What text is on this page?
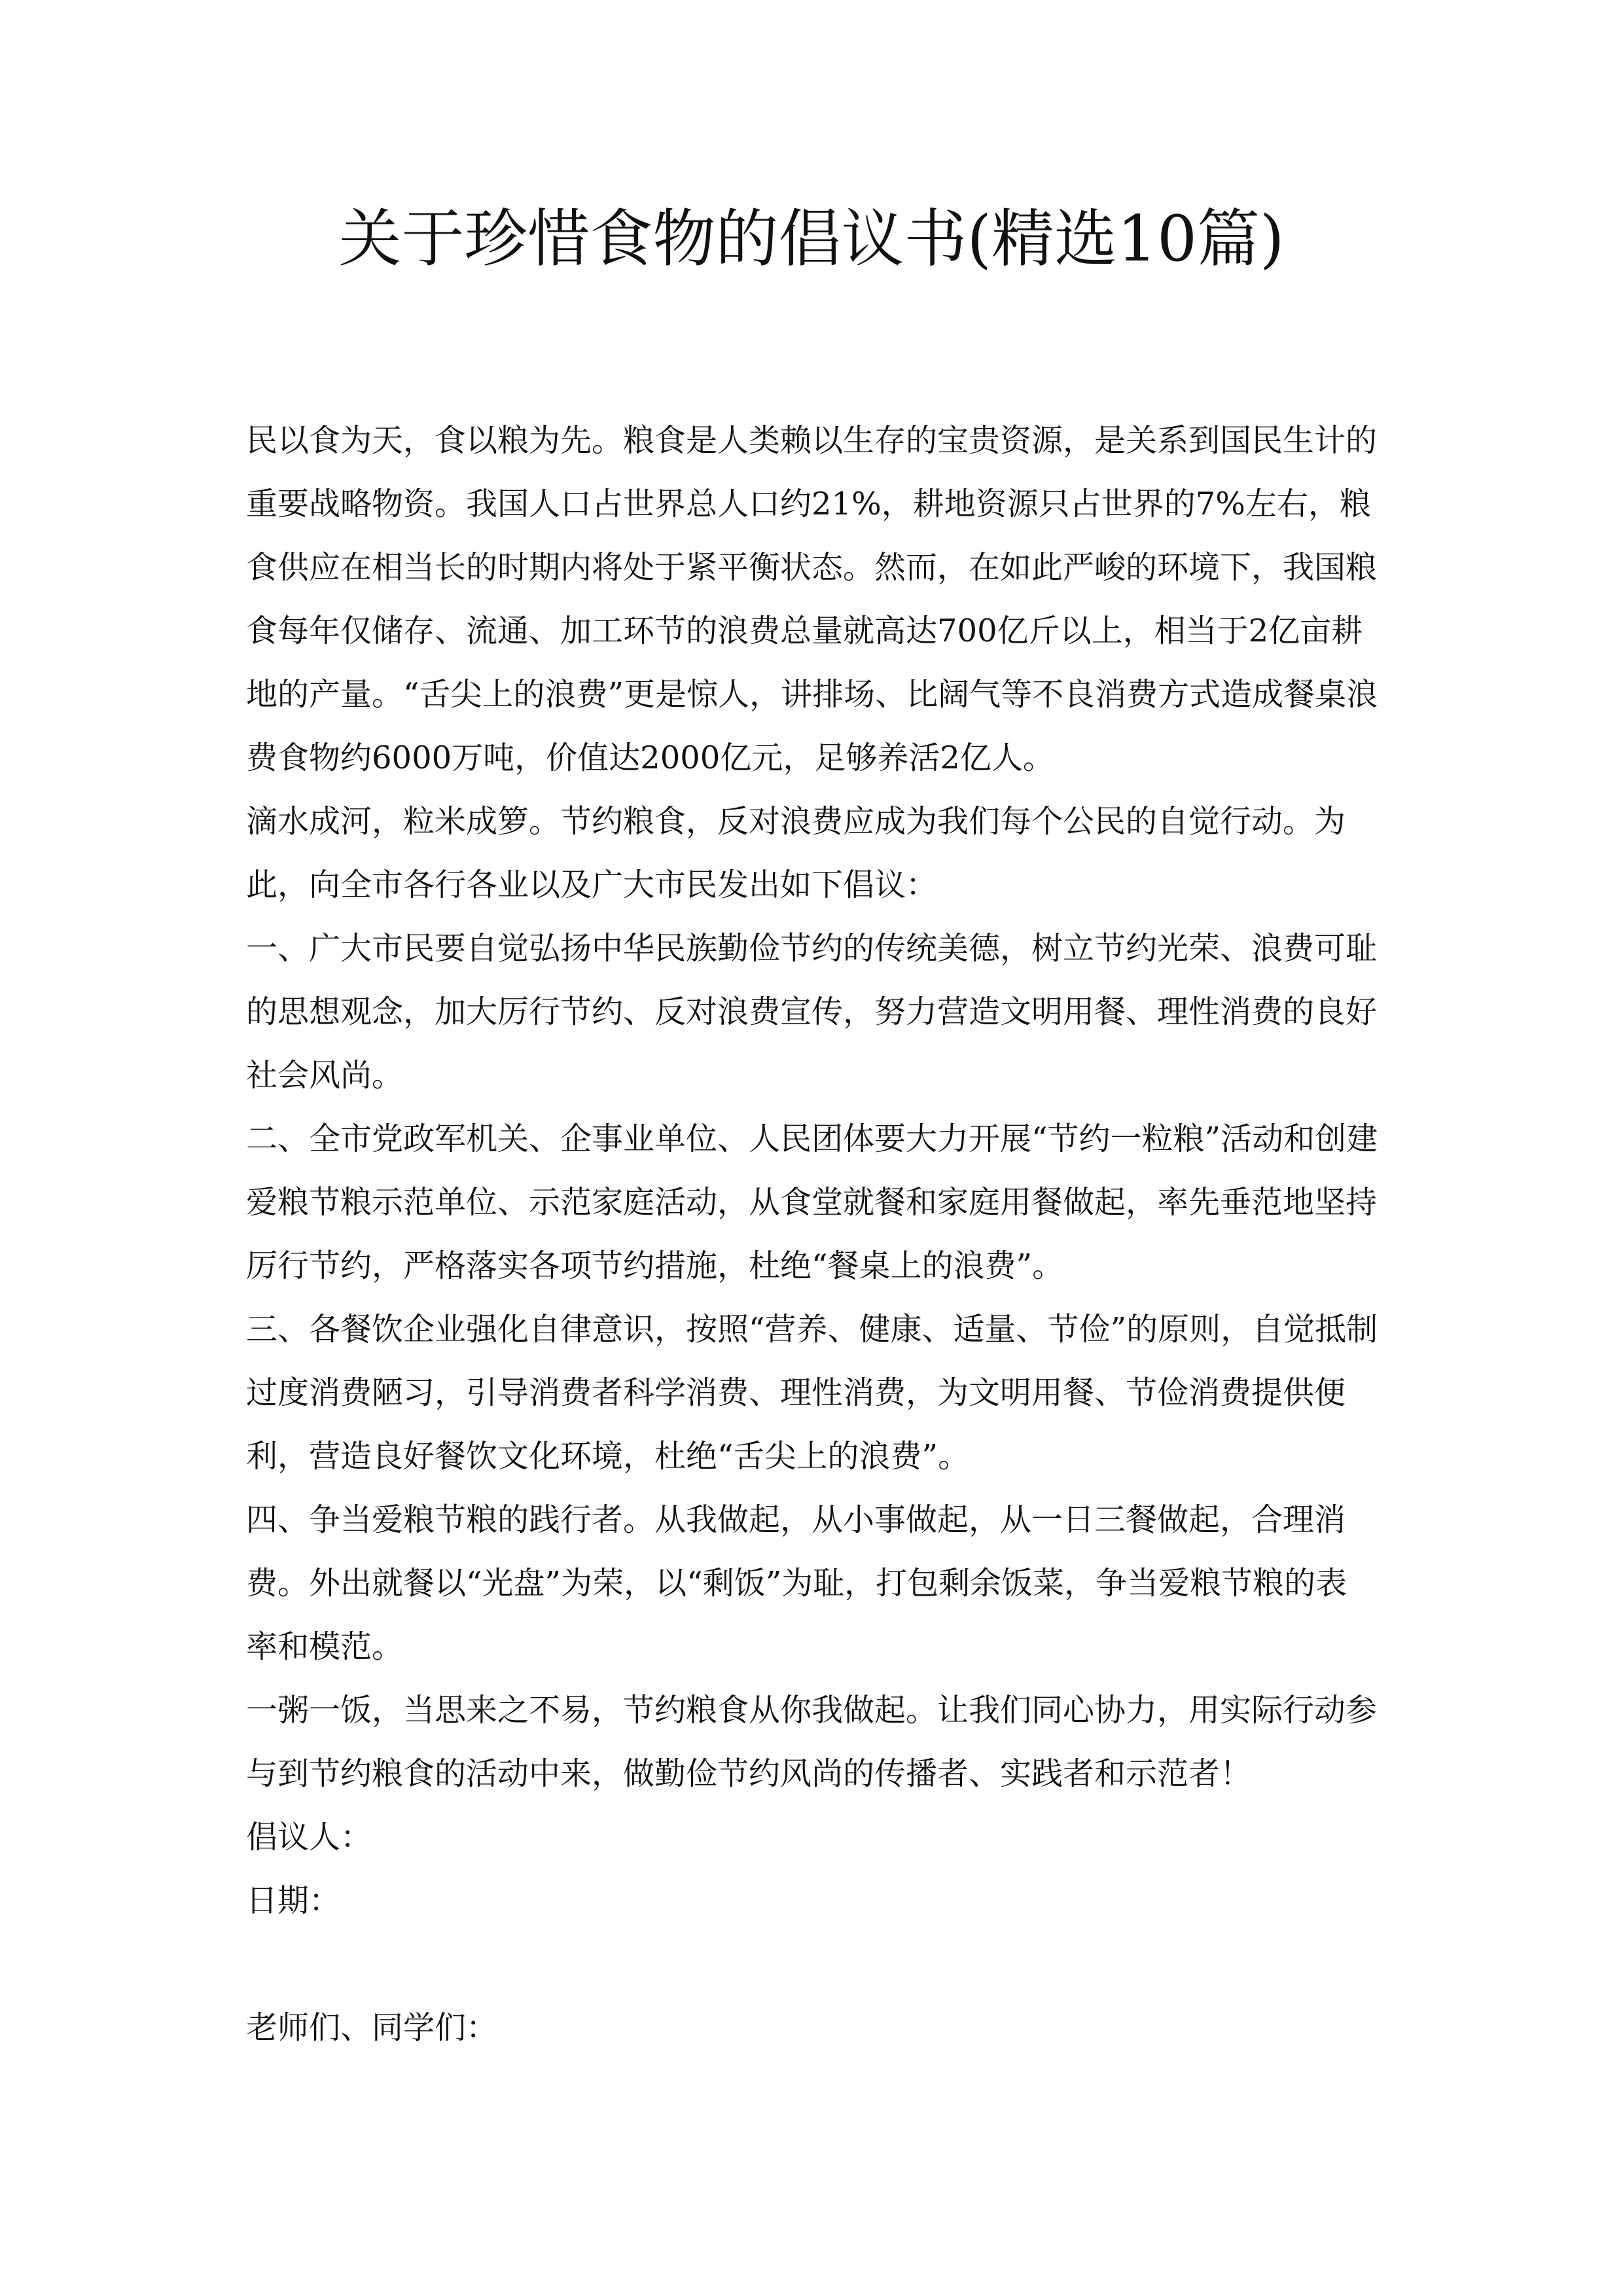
关于珍惜食物的倡议书(精选10篇)

民以食为天，食以粮为先。粮食是人类赖以生存的宝贵资源，是关系到国民生计的重要战略物资。我国人口占世界总人口约21%，耕地资源只占世界的7%左右，粮食供应在相当长的时期内将处于紧平衡状态。然而，在如此严峻的环境下，我国粮食每年仅储存、流通、加工环节的浪费总量就高达700亿斤以上，相当于2亿亩耕地的产量。“舌尖上的浪费”更是惊人，讲排场、比阔气等不良消费方式造成餐桌浪费食物约6000万吨，价值达2000亿元，足够养活2亿人。

滴水成河，粒米成箩。节约粮食，反对浪费应成为我们每个公民的自觉行动。为此，向全市各行各业以及广大市民发出如下倡议：

一、广大市民要自觉弘扬中华民族勤俭节约的传统美德，树立节约光荣、浪费可耻的思想观念，加大厉行节约、反对浪费宣传，努力营造文明用餐、理性消费的良好社会风尚。

二、全市党政军机关、企事业单位、人民团体要大力开展“节约一粒粮”活动和创建爱粮节粮示范单位、示范家庭活动，从食堂就餐和家庭用餐做起，率先垂范地坚持厉行节约，严格落实各项节约措施，杜绝“餐桌上的浪费”。

三、各餐饮企业强化自律意识，按照“营养、健康、适量、节俭”的原则，自觉抵制过度消费陋习，引导消费者科学消费、理性消费，为文明用餐、节俭消费提供便利，营造良好餐饮文化环境，杜绝“舌尖上的浪费”。

四、争当爱粮节粮的践行者。从我做起，从小事做起，从一日三餐做起，合理消费。外出就餐以“光盘”为荣，以“剩饭”为耻，打包剩余饭菜，争当爱粮节粮的表率和模范。

一粥一饭，当思来之不易，节约粮食从你我做起。让我们同心协力，用实际行动参与到节约粮食的活动中来，做勤俭节约风尚的传播者、实践者和示范者！

倡议人：

日期：

老师们、同学们：
